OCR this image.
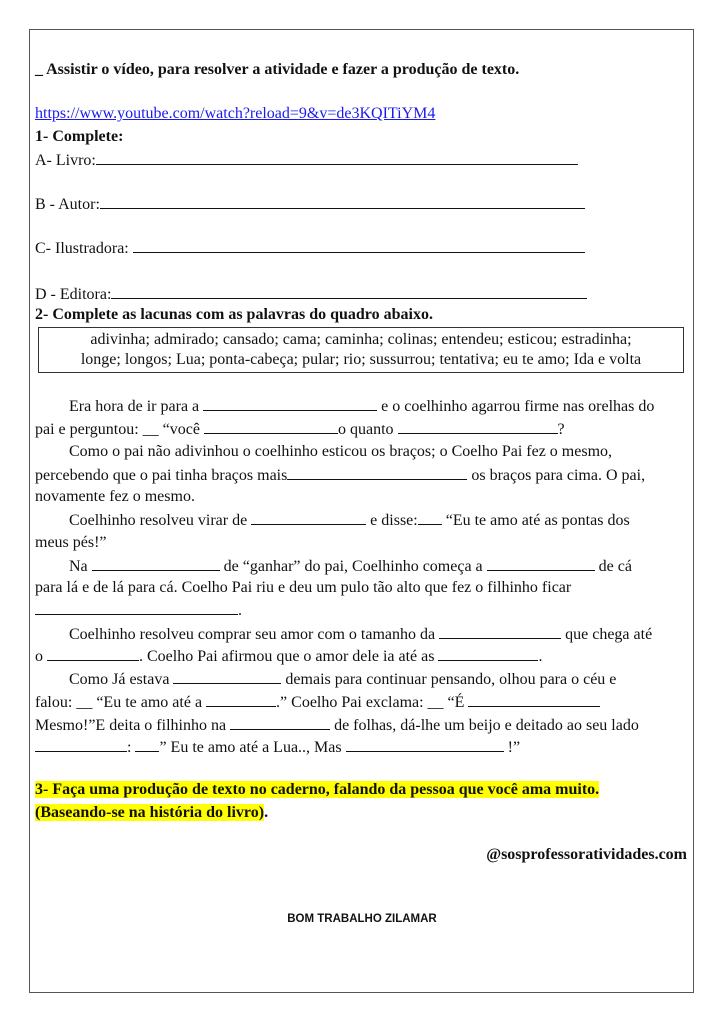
_ Assistir o vídeo, para resolver a atividade e fazer a produção de texto.
https://www.youtube.com/watch?reload=9&v=de3KQITiYM4
1- Complete:
A- Livro:
B - Autor:
C- Ilustradora:
D - Editora:
2- Complete as lacunas com as palavras do quadro abaixo.
adivinha; admirado; cansado; cama; caminha; colinas; entendeu; esticou; estradinha;
longe; longos; Lua; ponta-cabeça; pular; rio; sussurrou; tentativa; eu te amo; Ida e volta
Era hora de ir para a	e o coelhinho agarrou firme nas orelhas do
pai e perguntou: __ “você	o quanto	?
Como o pai não adivinhou o coelhinho esticou os braços; o Coelho Pai fez o mesmo,
percebendo que o pai tinha braços mais	os braços para cima. O pai,
novamente fez o mesmo.
Coelhinho resolveu virar de	e disse: “Eu te amo até as pontas dos
meus pés!”
Na	de “ganhar” do pai, Coelhinho começa a	de cá
para lá e de lá para cá. Coelho Pai riu e deu um pulo tão alto que fez o filhinho ficar
.
Coelhinho resolveu comprar seu amor com o tamanho da	que chega até
o	. Coelho Pai afirmou que o amor dele ia até as	.
Como Já estava	demais para continuar pensando, olhou para o céu e
falou: __ “Eu te amo até a	.” Coelho Pai exclama: __ “É
Mesmo!”E deita o filhinho na	de folhas, dá-lhe um beijo e deitado ao seu lado
: ” Eu te amo até a Lua.., Mas	!”
3- Faça uma produção de texto no caderno, falando da pessoa que você ama muito.
(Baseando-se na história do livro).
@sosprofessoratividades.com
BOM TRABALHO ZILAMAR
